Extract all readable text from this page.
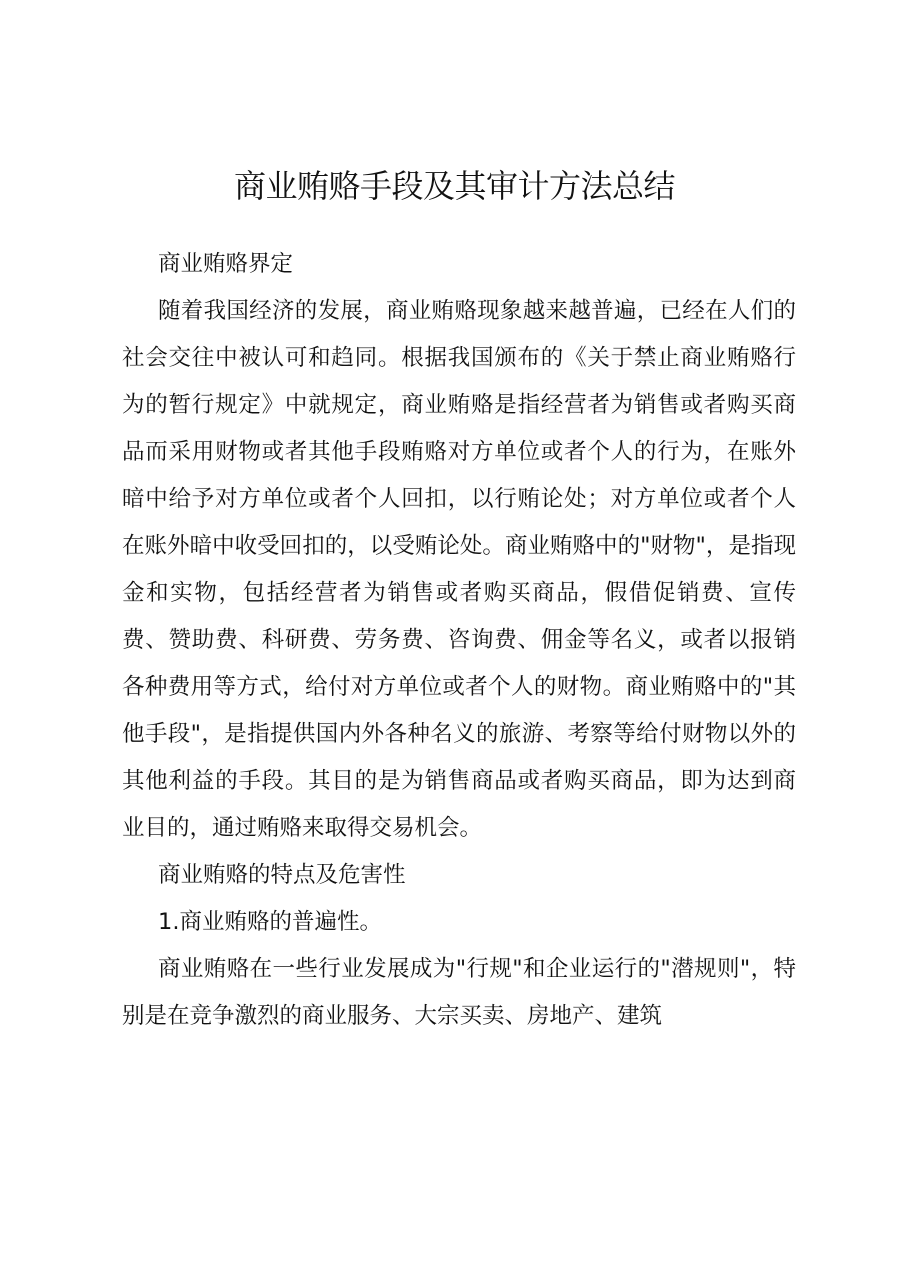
商业贿赂手段及其审计方法总结

商业贿赂界定

随着我国经济的发展，商业贿赂现象越来越普遍，已经在人们的社会交往中被认可和趋同。根据我国颁布的《关于禁止商业贿赂行为的暂行规定》中就规定，商业贿赂是指经营者为销售或者购买商品而采用财物或者其他手段贿赂对方单位或者个人的行为，在账外暗中给予对方单位或者个人回扣，以行贿论处；对方单位或者个人在账外暗中收受回扣的，以受贿论处。商业贿赂中的"财物"，是指现金和实物，包括经营者为销售或者购买商品，假借促销费、宣传费、赞助费、科研费、劳务费、咨询费、佣金等名义，或者以报销各种费用等方式，给付对方单位或者个人的财物。商业贿赂中的"其他手段"，是指提供国内外各种名义的旅游、考察等给付财物以外的其他利益的手段。其目的是为销售商品或者购买商品，即为达到商业目的，通过贿赂来取得交易机会。

商业贿赂的特点及危害性

1.商业贿赂的普遍性。

商业贿赂在一些行业发展成为"行规"和企业运行的"潜规则"，特别是在竞争激烈的商业服务、大宗买卖、房地产、建筑
